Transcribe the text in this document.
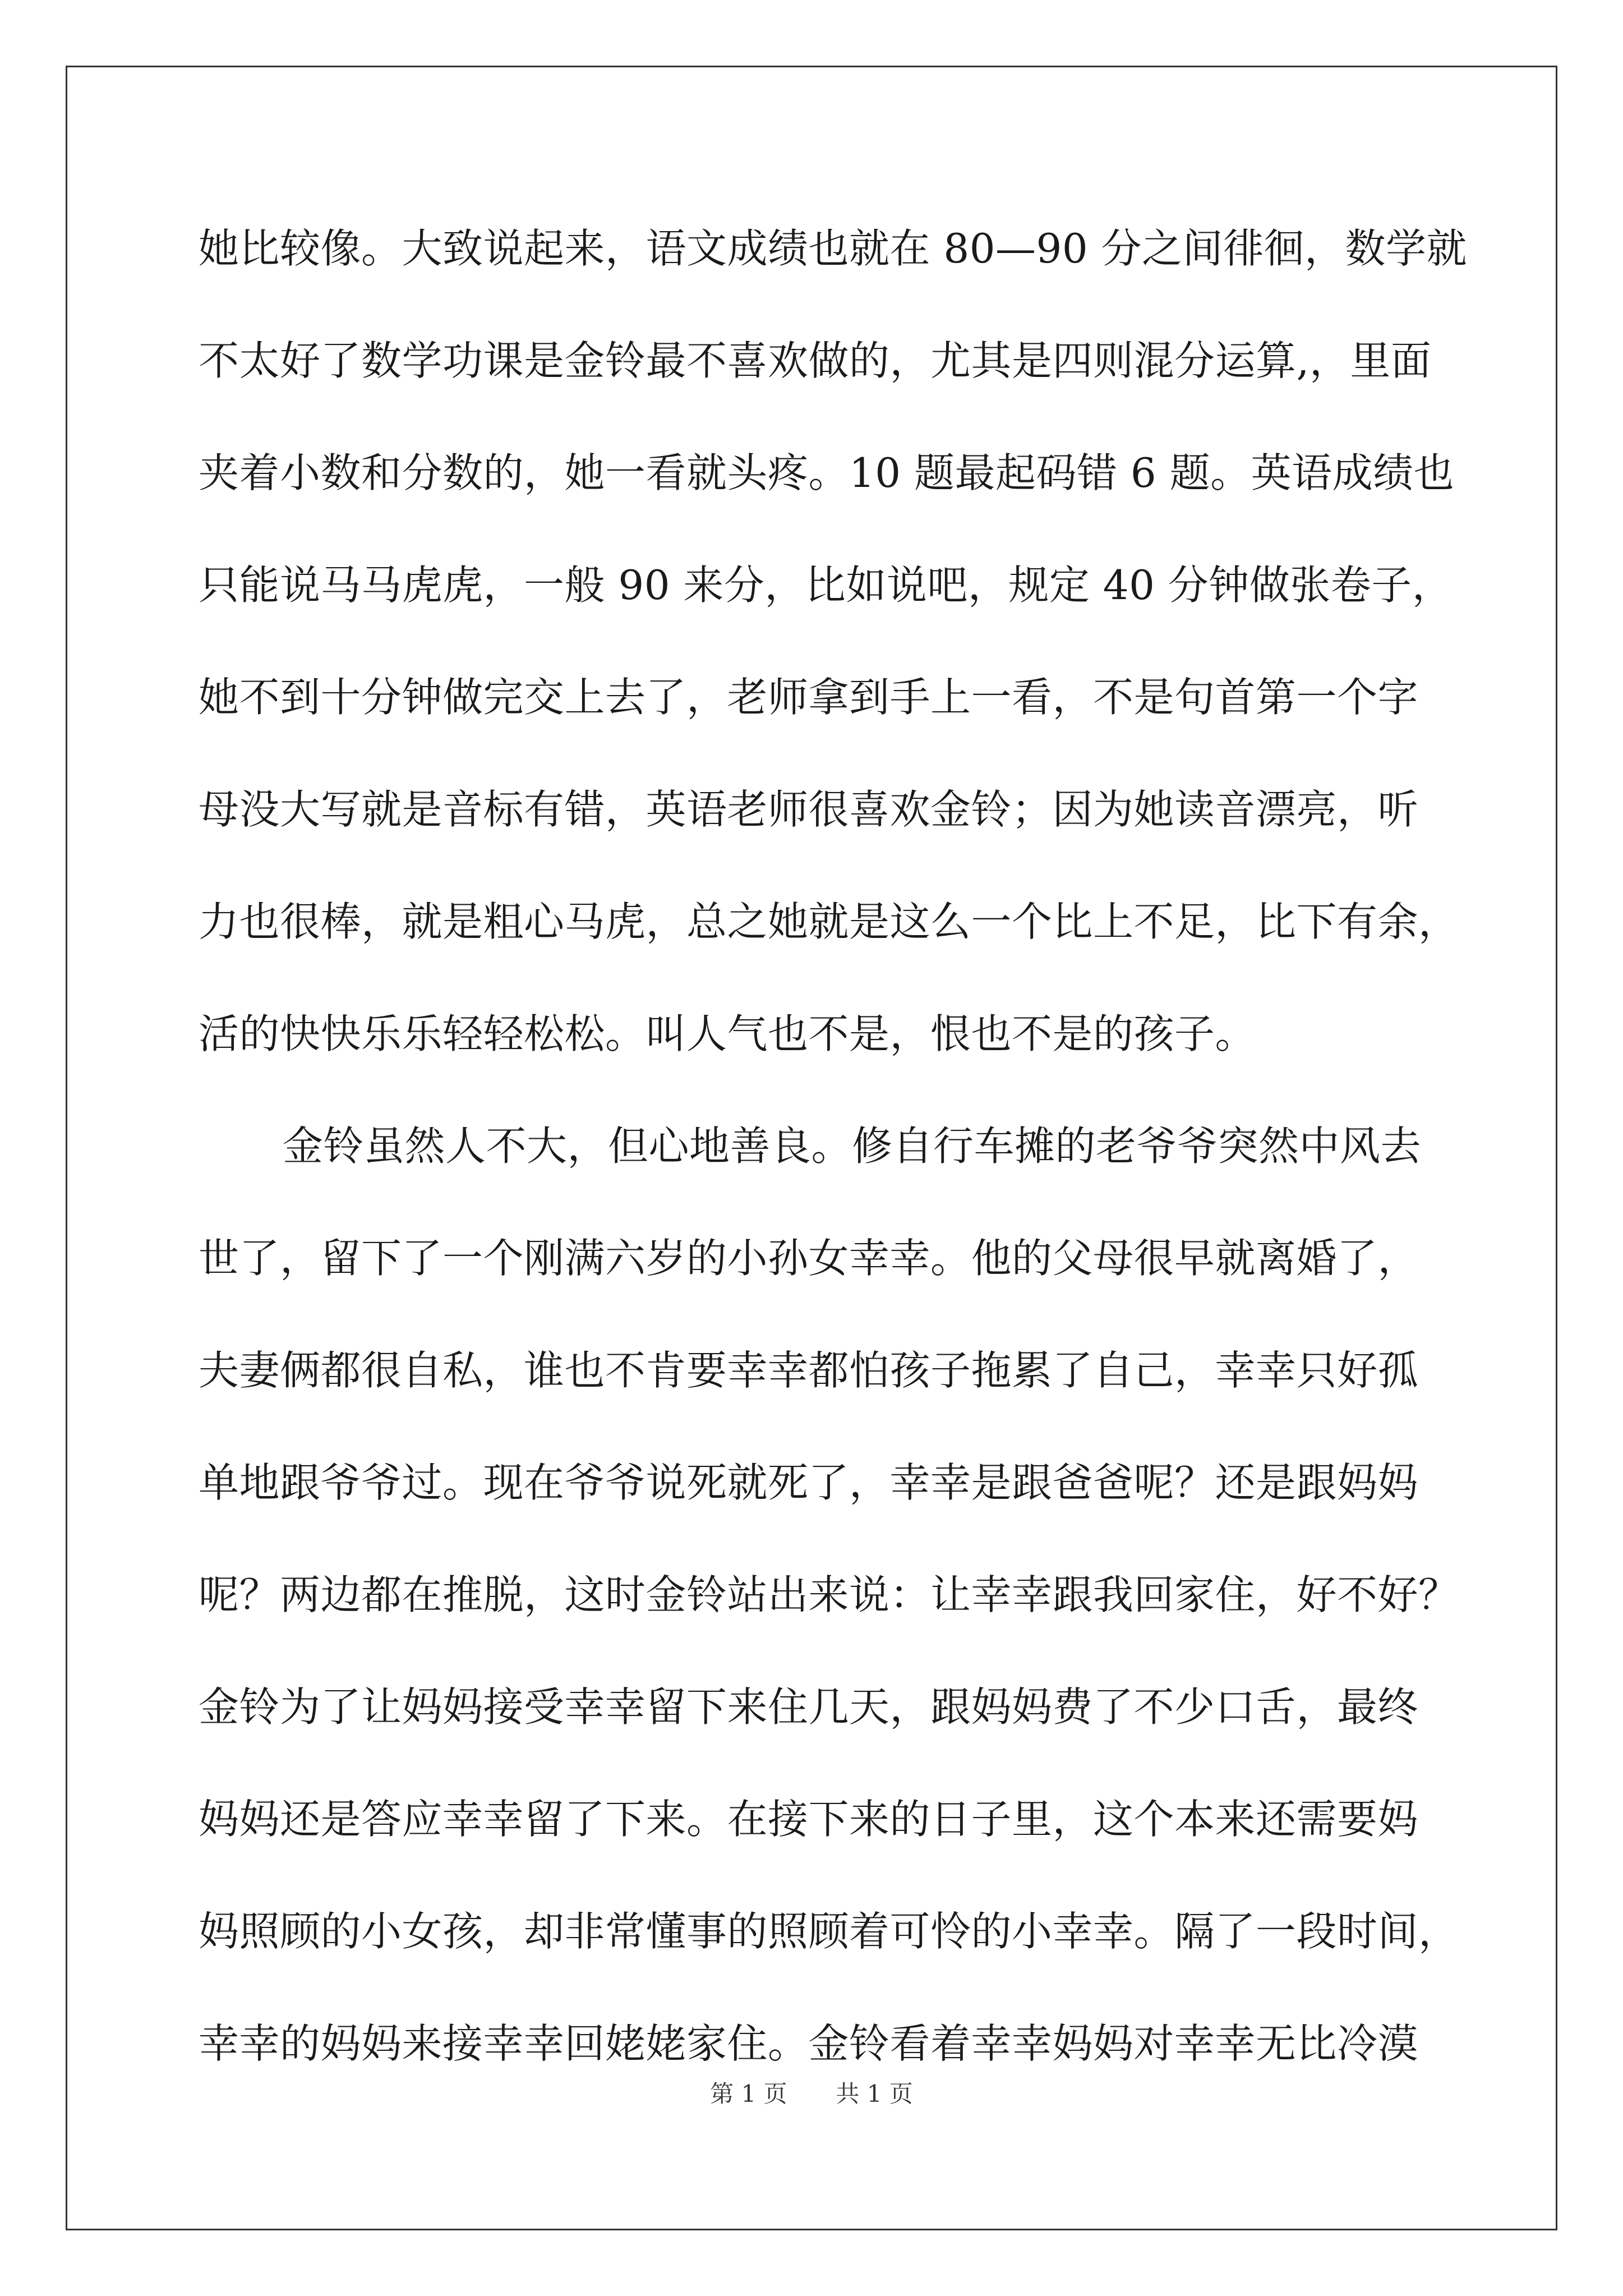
她比较像。大致说起来，语文成绩也就在 80—90 分之间徘徊，数学就
不太好了数学功课是金铃最不喜欢做的，尤其是四则混分运算,，里面
夹着小数和分数的，她一看就头疼。10 题最起码错 6 题。英语成绩也
只能说马马虎虎，一般 90 来分，比如说吧，规定 40 分钟做张卷子，
她不到十分钟做完交上去了，老师拿到手上一看，不是句首第一个字
母没大写就是音标有错，英语老师很喜欢金铃；因为她读音漂亮，听
力也很棒，就是粗心马虎，总之她就是这么一个比上不足，比下有余，
活的快快乐乐轻轻松松。叫人气也不是，恨也不是的孩子。
金铃虽然人不大，但心地善良。修自行车摊的老爷爷突然中风去
世了，留下了一个刚满六岁的小孙女幸幸。他的父母很早就离婚了，
夫妻俩都很自私，谁也不肯要幸幸都怕孩子拖累了自己，幸幸只好孤
单地跟爷爷过。现在爷爷说死就死了，幸幸是跟爸爸呢？还是跟妈妈
呢？两边都在推脱，这时金铃站出来说：让幸幸跟我回家住，好不好？
金铃为了让妈妈接受幸幸留下来住几天，跟妈妈费了不少口舌，最终
妈妈还是答应幸幸留了下来。在接下来的日子里，这个本来还需要妈
妈照顾的小女孩，却非常懂事的照顾着可怜的小幸幸。隔了一段时间，
幸幸的妈妈来接幸幸回姥姥家住。金铃看着幸幸妈妈对幸幸无比冷漠
第 1 页 共 1 页
